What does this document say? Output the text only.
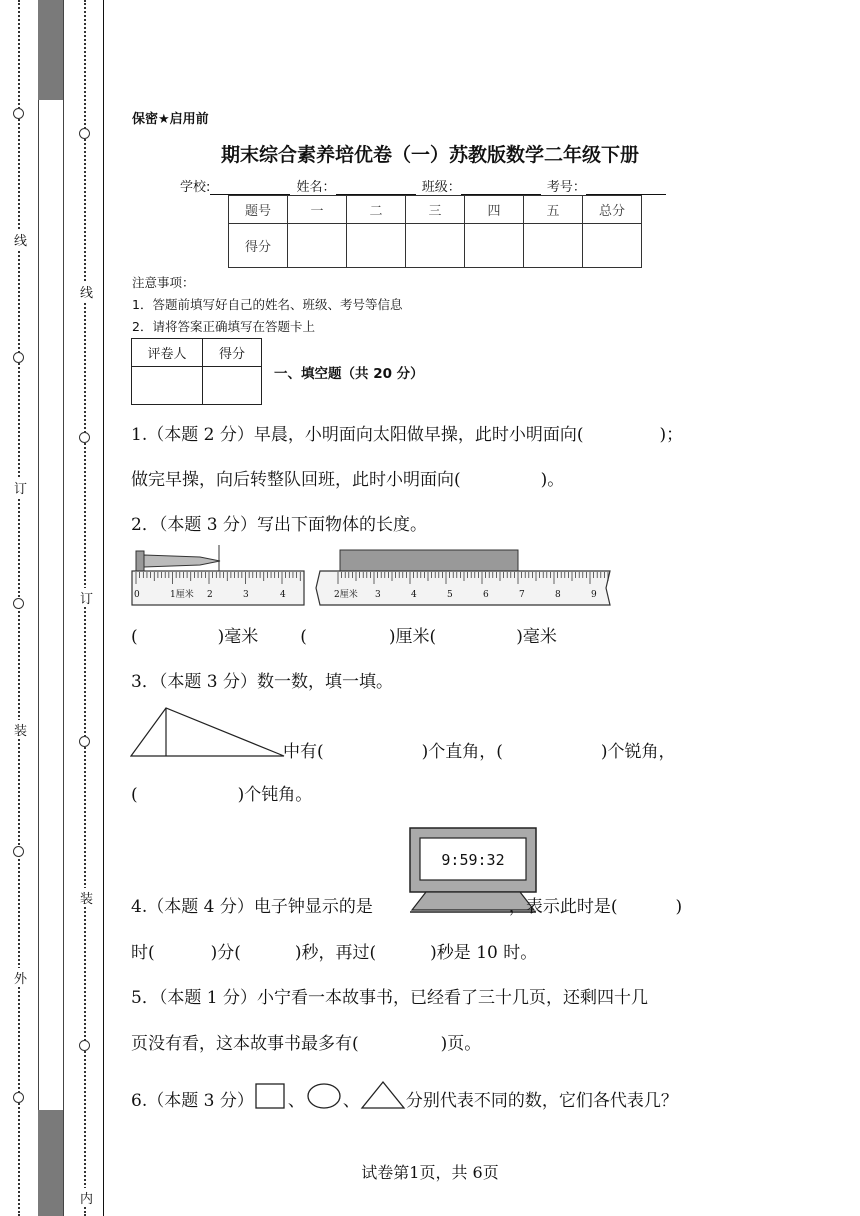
线
订
装
外
线
订
装
内
保密★启用前
期末综合素养培优卷（一）苏教版数学二年级下册
学校:	姓名：	班级：	考号：
题号	一	二	三	四	五	总分
得分						
注意事项：
1．答题前填写好自己的姓名、班级、考号等信息
2．请将答案正确填写在答题卡上
评卷人	得分

一、填空题（共 20 分）
1.（本题 2 分）早晨，小明面向太阳做早操，此时小明面向(	)；
做完早操，向后转整队回班，此时小明面向(	)。
2．（本题 3 分）写出下面物体的长度。
0	1厘米 2	3	4	2厘米 3	4	5	6	7	8	9
(	)毫米 (	)厘米(	)毫米
3．（本题 3 分）数一数，填一填。
中有(	)个直角，(	)个锐角，
(	)个钝角。
9:59:32
4.（本题 4 分）电子钟显示的是	，表示此时是(	)
时(	)分(	)秒，再过(	)秒是 10 时。
5．（本题 1 分）小宁看一本故事书，已经看了三十几页，还剩四十几
页没有看，这本故事书最多有(	)页。
6.（本题 3 分） 、 、	分别代表不同的数，它们各代表几？
试卷第1页，共 6页
